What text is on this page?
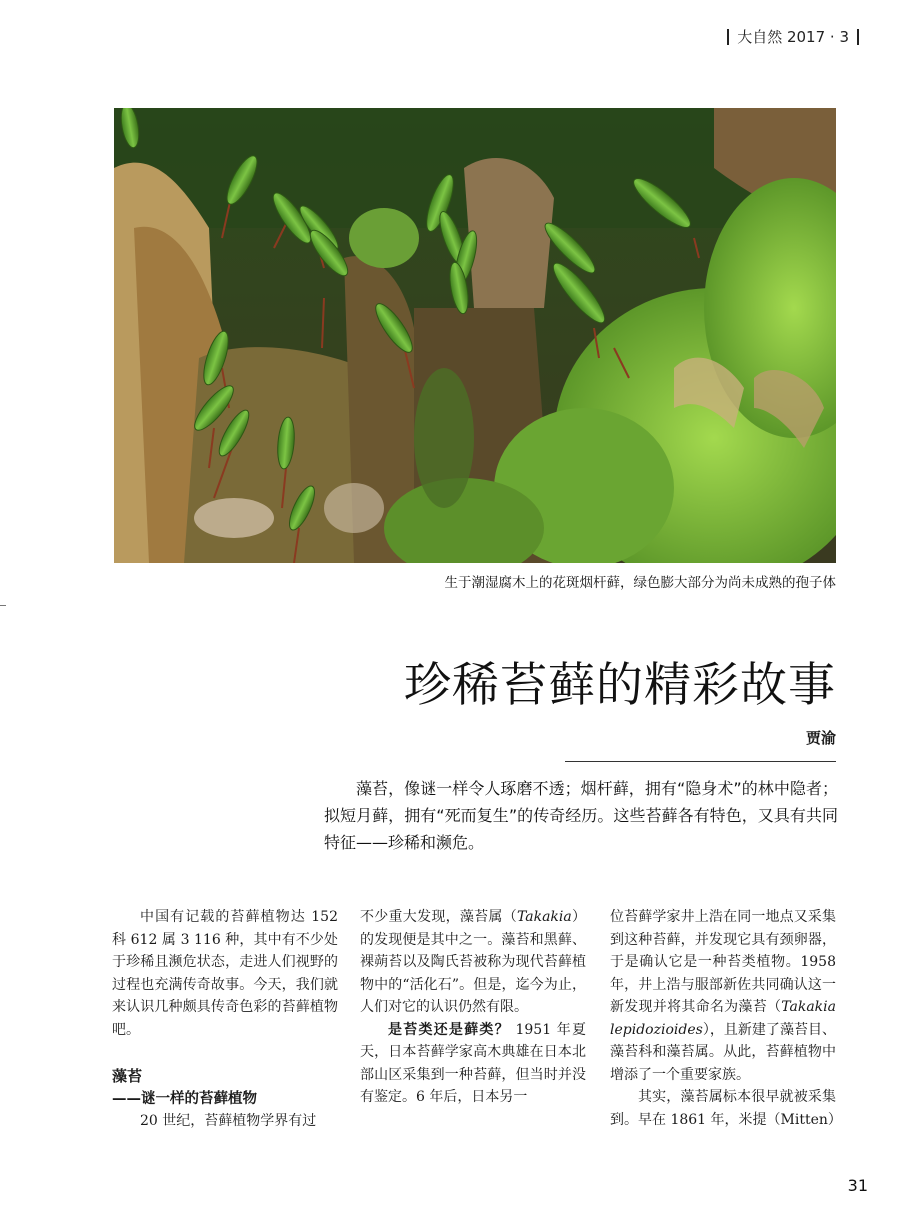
大自然 2017 · 3
生于潮湿腐木上的花斑烟杆藓，绿色膨大部分为尚未成熟的孢子体
珍稀苔藓的精彩故事
贾渝
藻苔，像谜一样令人琢磨不透；烟杆藓，拥有“隐身术”的林中隐者；拟短月藓，拥有“死而复生”的传奇经历。这些苔藓各有特色，又具有共同特征——珍稀和濒危。

中国有记载的苔藓植物达 152 科 612 属 3 116 种，其中有不少处于珍稀且濒危状态，走进人们视野的过程也充满传奇故事。今天，我们就来认识几种颇具传奇色彩的苔藓植物吧。

藻苔
——谜一样的苔藓植物

20 世纪，苔藓植物学界有过

不少重大发现，藻苔属（Takakia）的发现便是其中之一。藻苔和黑藓、裸蒴苔以及陶氏苔被称为现代苔藓植物中的“活化石”。但是，迄今为止，人们对它的认识仍然有限。

是苔类还是藓类？ 1951 年夏天，日本苔藓学家高木典雄在日本北部山区采集到一种苔藓，但当时并没有鉴定。6 年后，日本另一

位苔藓学家井上浩在同一地点又采集到这种苔藓，并发现它具有颈卵器，于是确认它是一种苔类植物。1958 年，井上浩与服部新佐共同确认这一新发现并将其命名为藻苔（Takakia lepidozioides），且新建了藻苔目、藻苔科和藻苔属。从此，苔藓植物中增添了一个重要家族。

其实，藻苔属标本很早就被采集到。早在 1861 年，米提（Mitten）

31
